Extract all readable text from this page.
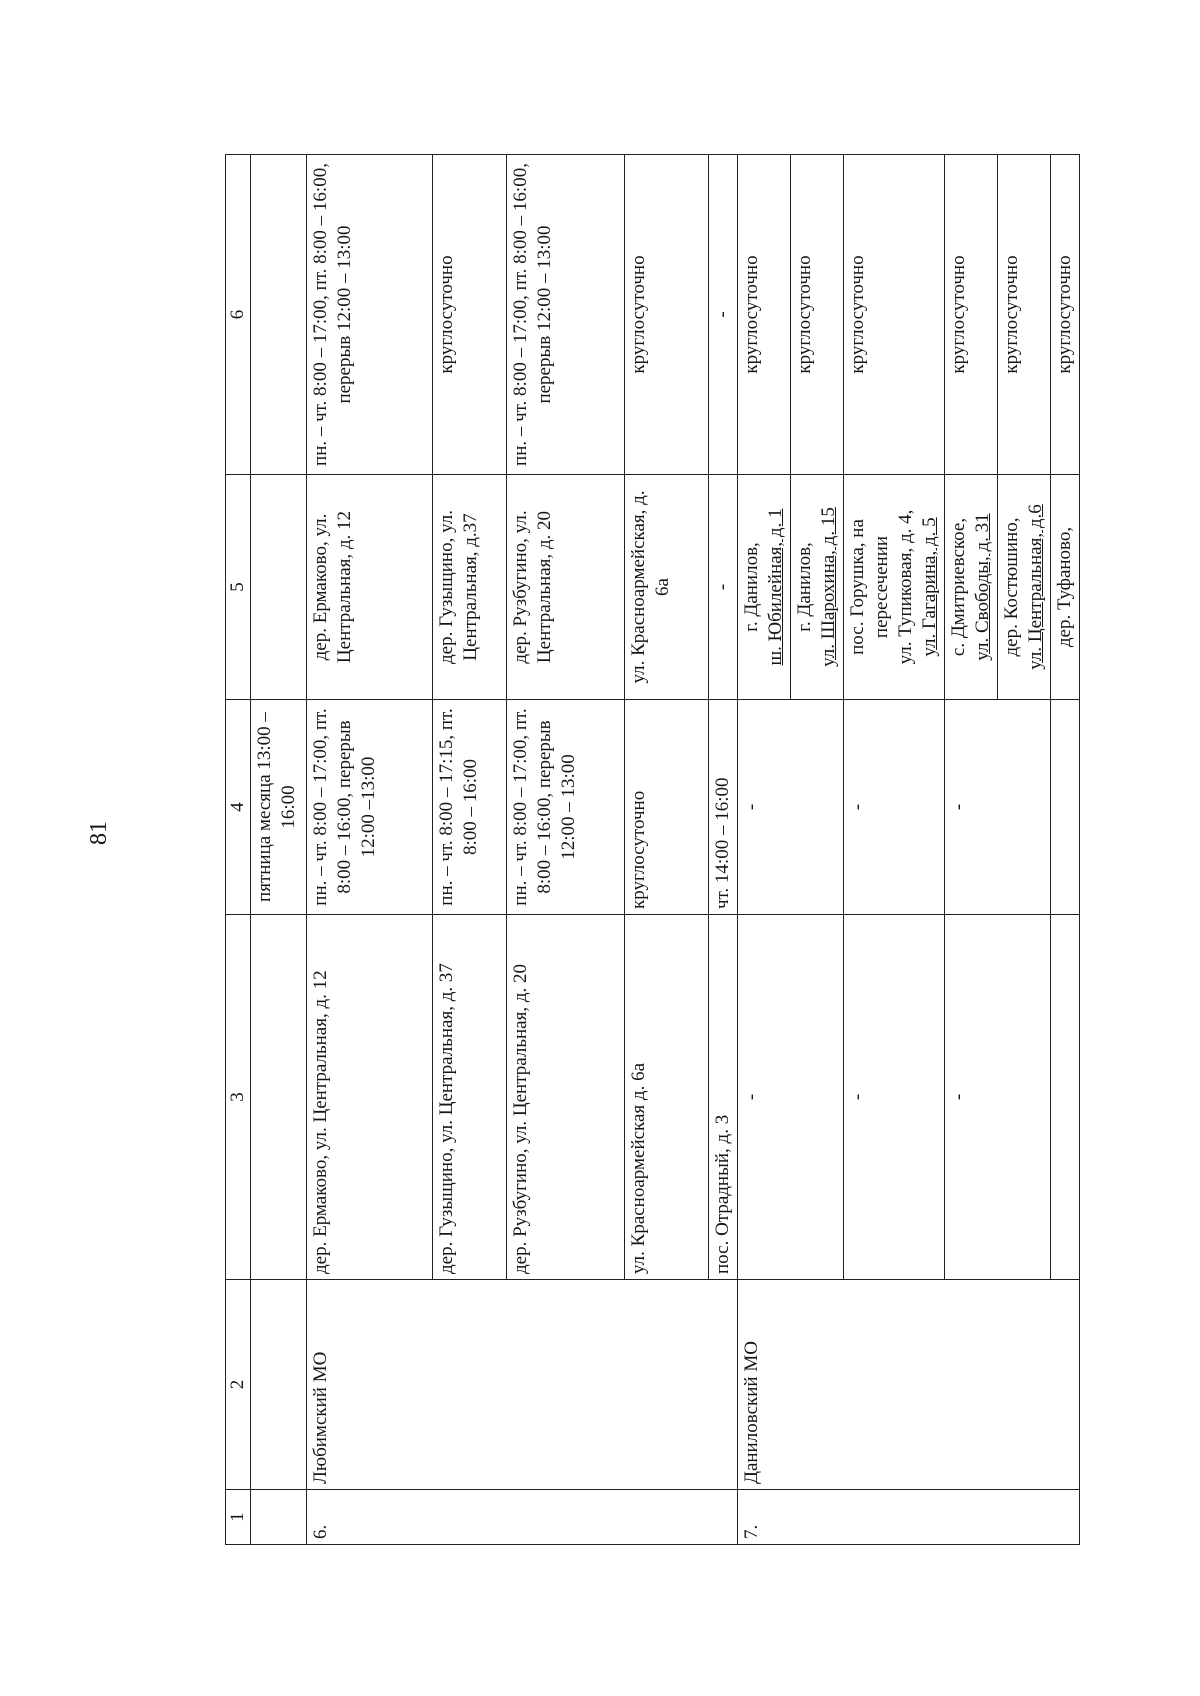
81
1	2	3	4	5	6
			пятница месяца 13:00 – 16:00		
6.	Любимский МО	дер. Ермаково, ул. Центральная, д. 12	пн. – чт. 8:00 – 17:00, пт. 8:00 – 16:00, перерыв 12:00 –13:00	дер. Ермаково, ул. Центральная, д. 12	пн. – чт. 8:00 – 17:00, пт. 8:00 – 16:00, перерыв 12:00 – 13:00
		дер. Гузыщино, ул. Центральная, д. 37	пн. – чт. 8:00 – 17:15, пт. 8:00 – 16:00	дер. Гузыщино, ул. Центральная, д.37	круглосуточно
		дер. Рузбугино, ул. Центральная, д. 20	пн. – чт. 8:00 – 17:00, пт. 8:00 – 16:00, перерыв 12:00 – 13:00	дер. Рузбугино, ул. Центральная, д. 20	пн. – чт. 8:00 – 17:00, пт. 8:00 – 16:00, перерыв 12:00 – 13:00
		ул. Красноармейская д. 6а	круглосуточно	ул. Красноармейская, д. 6а	круглосуточно
		пос. Отрадный, д. 3	чт. 14:00 – 16:00	-	-
7.	Даниловский МО	-	-	г. Данилов, ш. Юбилейная, д. 1	круглосуточно
				г. Данилов, ул. Шарохина, д. 15	круглосуточно
		-	-	пос. Горушка, на пересечении ул. Тупиковая, д. 4, ул. Гагарина, д. 5	круглосуточно
		-	-	с. Дмитриевское, ул. Свободы, д. 31	круглосуточно
				дер. Костюшино, ул. Центральная, д.6	круглосуточно
				дер. Туфаново,	круглосуточно
